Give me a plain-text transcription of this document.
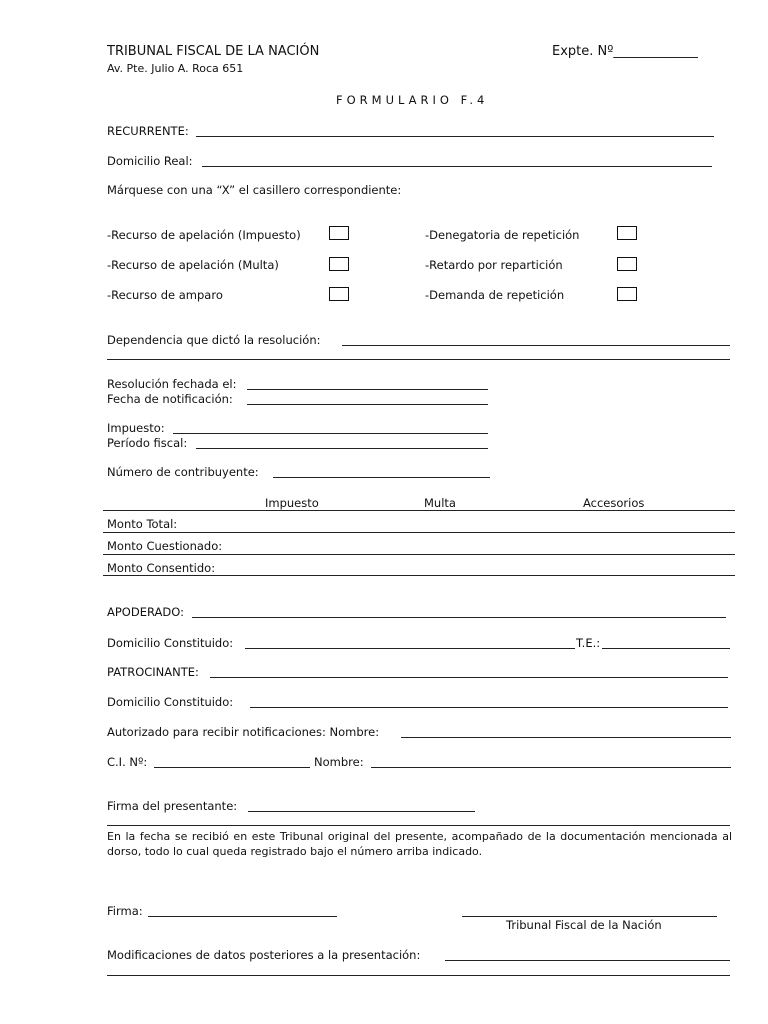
TRIBUNAL FISCAL DE LA NACIÓN
Av. Pte. Julio A. Roca 651
Expte. Nº_____________
FORMULARIO F.4
RECURRENTE:
Domicilio Real:
Márquese con una “X” el casillero correspondiente:
-Recurso de apelación (Impuesto)
-Recurso de apelación (Multa)
-Recurso de amparo
-Denegatoria de repetición
-Retardo por repartición
-Demanda de repetición
Dependencia que dictó la resolución:
Resolución fechada el:
Fecha de notificación:
Impuesto:
Período fiscal:
Número de contribuyente:
Impuesto	Multa	Accesorios
Monto Total:
Monto Cuestionado:
Monto Consentido:
APODERADO:
Domicilio Constituido:	T.E.:
PATROCINANTE:
Domicilio Constituido:
Autorizado para recibir notificaciones: Nombre:
C.I. Nº:	Nombre:
Firma del presentante:
En la fecha se recibió en este Tribunal original del presente, acompañado de la documentación mencionada al dorso, todo lo cual queda registrado bajo el número arriba indicado.
Firma:
Tribunal Fiscal de la Nación
Modificaciones de datos posteriores a la presentación:
